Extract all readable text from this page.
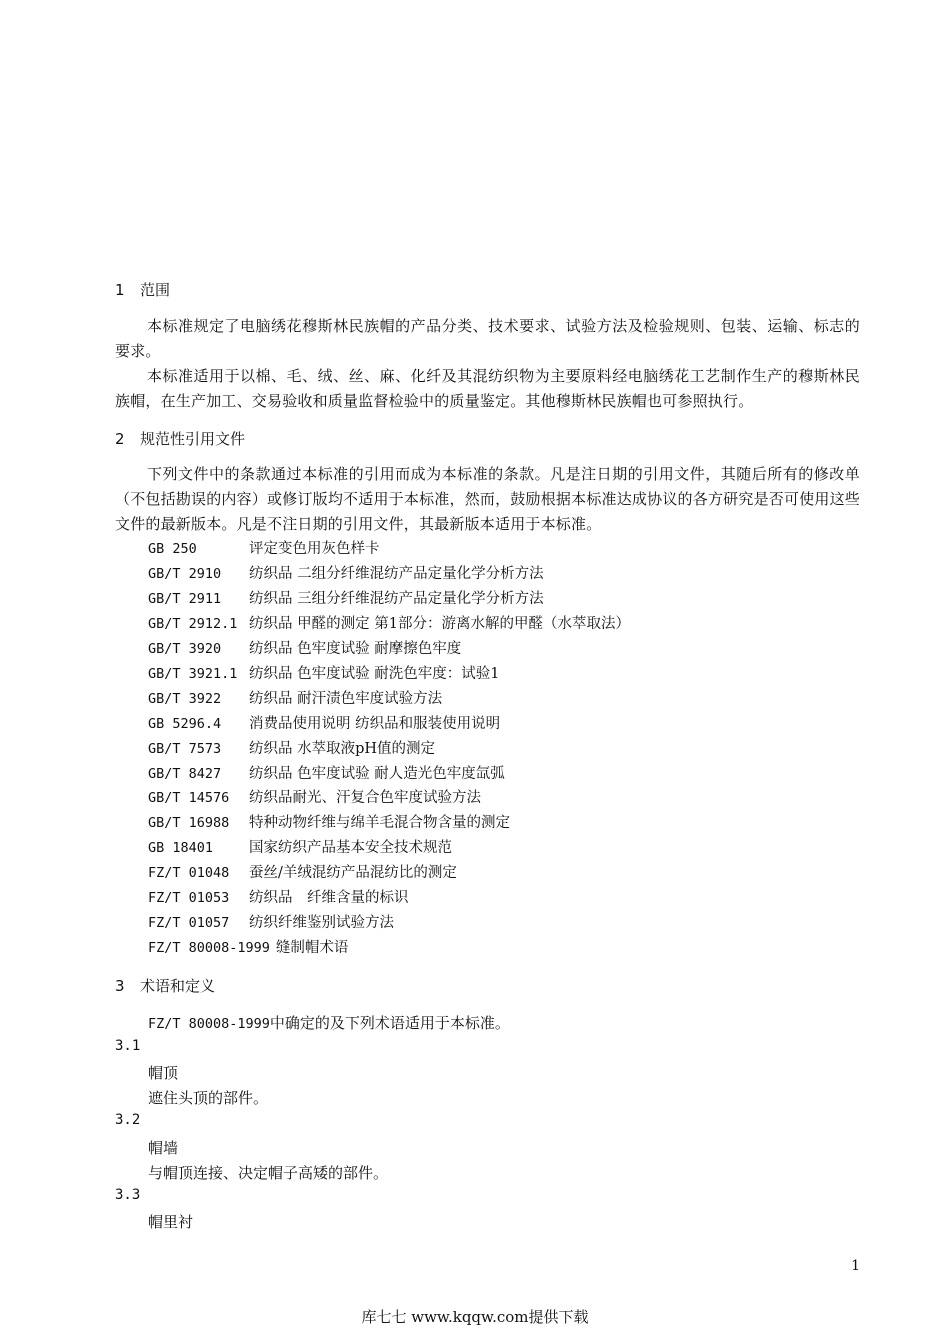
1 范围
本标准规定了电脑绣花穆斯林民族帽的产品分类、技术要求、试验方法及检验规则、包装、运输、标志的要求。
本标准适用于以棉、毛、绒、丝、麻、化纤及其混纺织物为主要原料经电脑绣花工艺制作生产的穆斯林民族帽，在生产加工、交易验收和质量监督检验中的质量鉴定。其他穆斯林民族帽也可参照执行。
2 规范性引用文件
下列文件中的条款通过本标准的引用而成为本标准的条款。凡是注日期的引用文件，其随后所有的修改单（不包括勘误的内容）或修订版均不适用于本标准，然而，鼓励根据本标准达成协议的各方研究是否可使用这些文件的最新版本。凡是不注日期的引用文件，其最新版本适用于本标准。
GB 250	评定变色用灰色样卡
GB/T 2910 纺织品 二组分纤维混纺产品定量化学分析方法
GB/T 2911 纺织品 三组分纤维混纺产品定量化学分析方法
GB/T 2912.1 纺织品 甲醛的测定 第1部分：游离水解的甲醛（水萃取法）
GB/T 3920 纺织品 色牢度试验 耐摩擦色牢度
GB/T 3921.1 纺织品 色牢度试验 耐洗色牢度：试验1
GB/T 3922 纺织品 耐汗渍色牢度试验方法
GB 5296.4 消费品使用说明 纺织品和服装使用说明
GB/T 7573 纺织品 水萃取液pH值的测定
GB/T 8427 纺织品 色牢度试验 耐人造光色牢度氙弧
GB/T 14576 纺织品耐光、汗复合色牢度试验方法
GB/T 16988 特种动物纤维与绵羊毛混合物含量的测定
GB 18401 国家纺织产品基本安全技术规范
FZ/T 01048 蚕丝/羊绒混纺产品混纺比的测定
FZ/T 01053 纺织品　纤维含量的标识
FZ/T 01057 纺织纤维鉴别试验方法
FZ/T 80008-1999 缝制帽术语
3 术语和定义
FZ/T 80008-1999中确定的及下列术语适用于本标准。
3.1
帽顶
遮住头顶的部件。
3.2
帽墙
与帽顶连接、决定帽子高矮的部件。
3.3
帽里衬
1
库七七 www.kqqw.com提供下载
